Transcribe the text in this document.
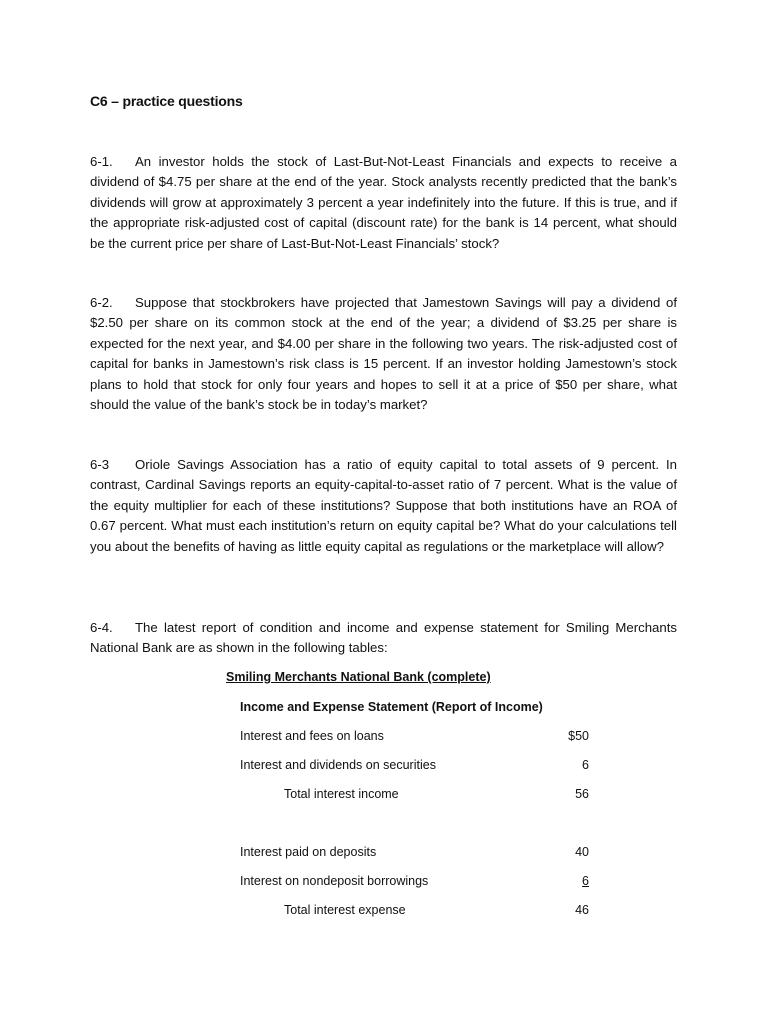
C6 – practice questions
6-1. An investor holds the stock of Last-But-Not-Least Financials and expects to receive a dividend of $4.75 per share at the end of the year. Stock analysts recently predicted that the bank’s dividends will grow at approximately 3 percent a year indefinitely into the future. If this is true, and if the appropriate risk-adjusted cost of capital (discount rate) for the bank is 14 percent, what should be the current price per share of Last-But-Not-Least Financials’ stock?
6-2. Suppose that stockbrokers have projected that Jamestown Savings will pay a dividend of $2.50 per share on its common stock at the end of the year; a dividend of $3.25 per share is expected for the next year, and $4.00 per share in the following two years. The risk-adjusted cost of capital for banks in Jamestown’s risk class is 15 percent. If an investor holding Jamestown’s stock plans to hold that stock for only four years and hopes to sell it at a price of $50 per share, what should the value of the bank’s stock be in today’s market?
6-3 Oriole Savings Association has a ratio of equity capital to total assets of 9 percent. In contrast, Cardinal Savings reports an equity-capital-to-asset ratio of 7 percent. What is the value of the equity multiplier for each of these institutions? Suppose that both institutions have an ROA of 0.67 percent. What must each institution’s return on equity capital be? What do your calculations tell you about the benefits of having as little equity capital as regulations or the marketplace will allow?
6-4. The latest report of condition and income and expense statement for Smiling Merchants National Bank are as shown in the following tables:
Smiling Merchants National Bank (complete)
Income and Expense Statement (Report of Income)
Interest and fees on loans	$50
Interest and dividends on securities	6
Total interest income	56
Interest paid on deposits	40
Interest on nondeposit borrowings	6
Total interest expense	46
